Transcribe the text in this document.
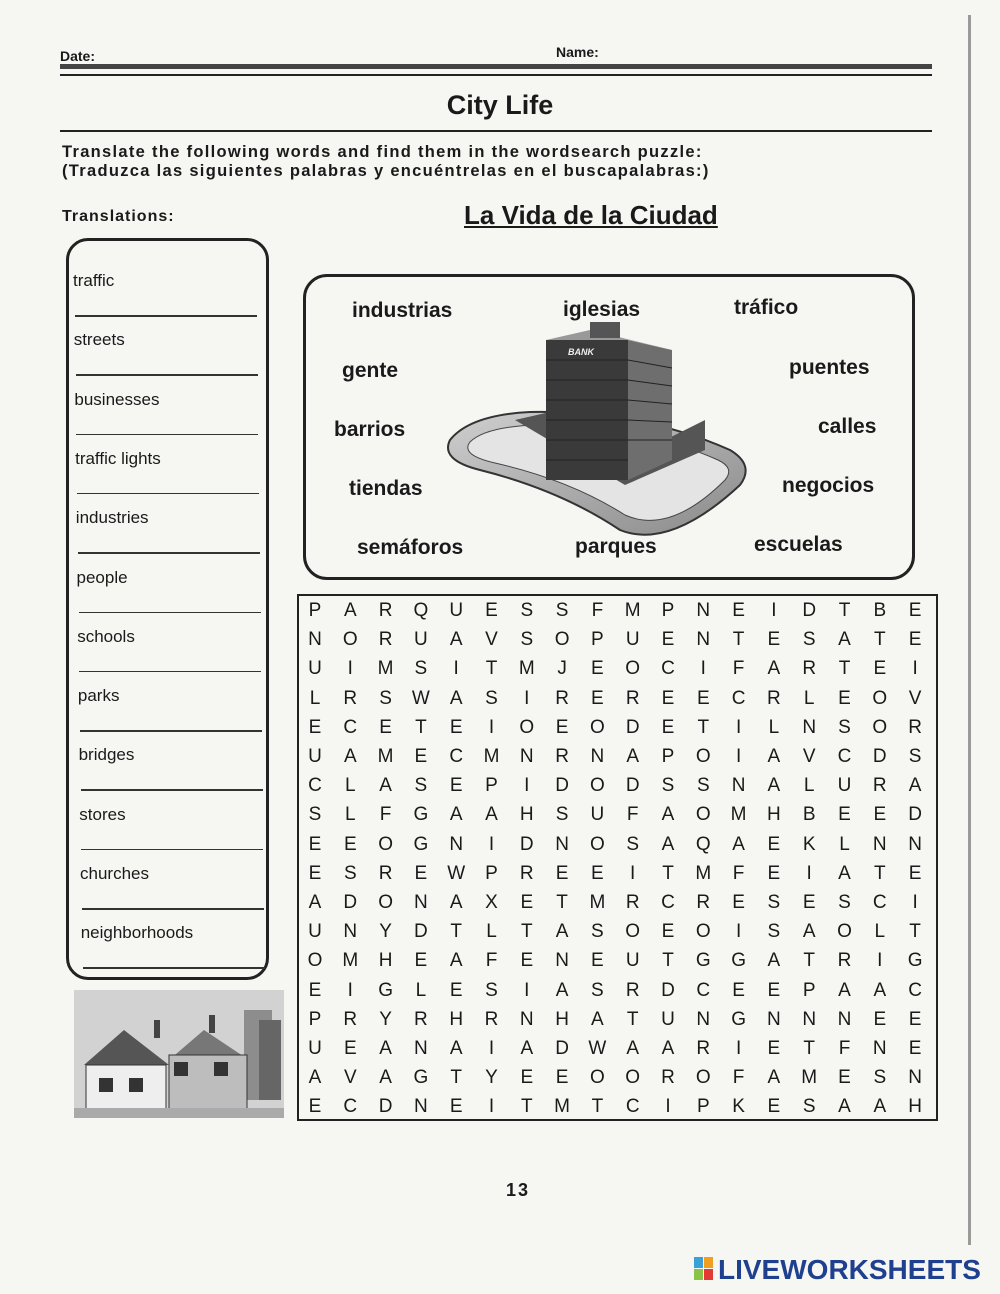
Date:	Name:
City Life
Translate the following words and find them in the wordsearch puzzle:
(Traduzca las siguientes palabras y encuéntrelas en el buscapalabras:)
Translations:	La Vida de la Ciudad
traffic
streets
businesses
traffic lights
industries
people
schools
parks
bridges
stores
churches
neighborhoods
industrias	iglesias	tráfico
gente	puentes
barrios	calles
tiendas	negocios
semáforos	parques	escuelas
BANK
P A R Q U E S S F M P N E	I	D T B E
N O R U A V S O P U E N T E S A T E
U	I	M S	I	T M J E O C	I	F A R T E	I
L R S W A S	I	R E R E E C R L E O V
E C E T E	I	O E O D E T	I	L N S O R
U A M E C M N R N A P O	I	A V C D S
C L A S E P	I	D O D S S N A L U R A
S L F G A A H S U F A O M H B E E D
E E O G N	I	D N O S A Q A E K L N N
E S R E W P R E E	I	T M F E	I	A T E
A D O N A X E T M R C R E S E S C	I
U N Y D T L T A S O E O	I	S A O L T
O M H E A F E N E U T G G A T R	I	G
E	I	G L E S	I	A S R D C E E P A A C
P R Y R H R N H A T U N G N N N E E
U E A N A	I	A D W A A R	I	E T F N E
A V A G T Y E E O O R O F A M E S N
E C D N E	I	T M T C	I	P K E S A A H
13
LIVEWORKSHEETS
